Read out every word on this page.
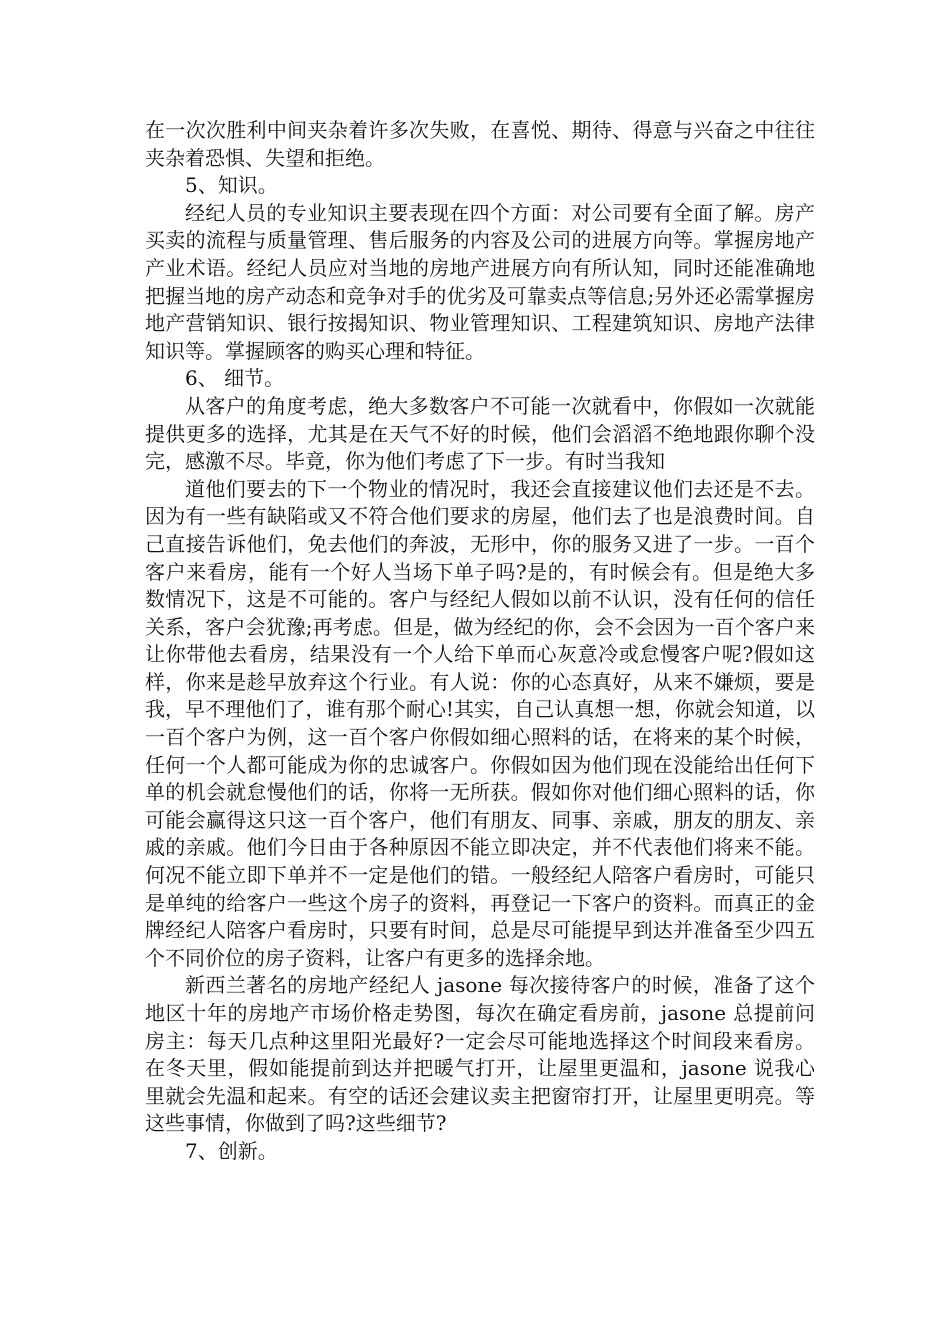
在一次次胜利中间夹杂着许多次失败，在喜悦、期待、得意与兴奋之中往往夹杂着恐惧、失望和拒绝。

5、知识。

经纪人员的专业知识主要表现在四个方面：对公司要有全面了解。房产买卖的流程与质量管理、售后服务的内容及公司的进展方向等。掌握房地产产业术语。经纪人员应对当地的房地产进展方向有所认知，同时还能准确地把握当地的房产动态和竞争对手的优劣及可靠卖点等信息;另外还必需掌握房地产营销知识、银行按揭知识、物业管理知识、工程建筑知识、房地产法律知识等。掌握顾客的购买心理和特征。

6、 细节。

从客户的角度考虑，绝大多数客户不可能一次就看中，你假如一次就能提供更多的选择，尤其是在天气不好的时候，他们会滔滔不绝地跟你聊个没完，感激不尽。毕竟，你为他们考虑了下一步。有时当我知

道他们要去的下一个物业的情况时，我还会直接建议他们去还是不去。因为有一些有缺陷或又不符合他们要求的房屋，他们去了也是浪费时间。自己直接告诉他们，免去他们的奔波，无形中，你的服务又进了一步。一百个客户来看房，能有一个好人当场下单子吗?是的，有时候会有。但是绝大多数情况下，这是不可能的。客户与经纪人假如以前不认识，没有任何的信任关系，客户会犹豫;再考虑。但是，做为经纪的你，会不会因为一百个客户来让你带他去看房，结果没有一个人给下单而心灰意冷或怠慢客户呢?假如这样，你来是趁早放弃这个行业。有人说：你的心态真好，从来不嫌烦，要是我，早不理他们了，谁有那个耐心!其实，自己认真想一想，你就会知道，以一百个客户为例，这一百个客户你假如细心照料的话，在将来的某个时候，任何一个人都可能成为你的忠诚客户。你假如因为他们现在没能给出任何下单的机会就怠慢他们的话，你将一无所获。假如你对他们细心照料的话，你可能会赢得这只这一百个客户，他们有朋友、同事、亲戚，朋友的朋友、亲戚的亲戚。他们今日由于各种原因不能立即决定，并不代表他们将来不能。何况不能立即下单并不一定是他们的错。一般经纪人陪客户看房时，可能只是单纯的给客户一些这个房子的资料，再登记一下客户的资料。而真正的金牌经纪人陪客户看房时，只要有时间，总是尽可能提早到达并准备至少四五个不同价位的房子资料，让客户有更多的选择余地。

新西兰著名的房地产经纪人 jasone 每次接待客户的时候，准备了这个地区十年的房地产市场价格走势图，每次在确定看房前，jasone 总提前问房主：每天几点种这里阳光最好?一定会尽可能地选择这个时间段来看房。在冬天里，假如能提前到达并把暖气打开，让屋里更温和，jasone 说我心里就会先温和起来。有空的话还会建议卖主把窗帘打开，让屋里更明亮。等这些事情，你做到了吗?这些细节?

7、创新。
